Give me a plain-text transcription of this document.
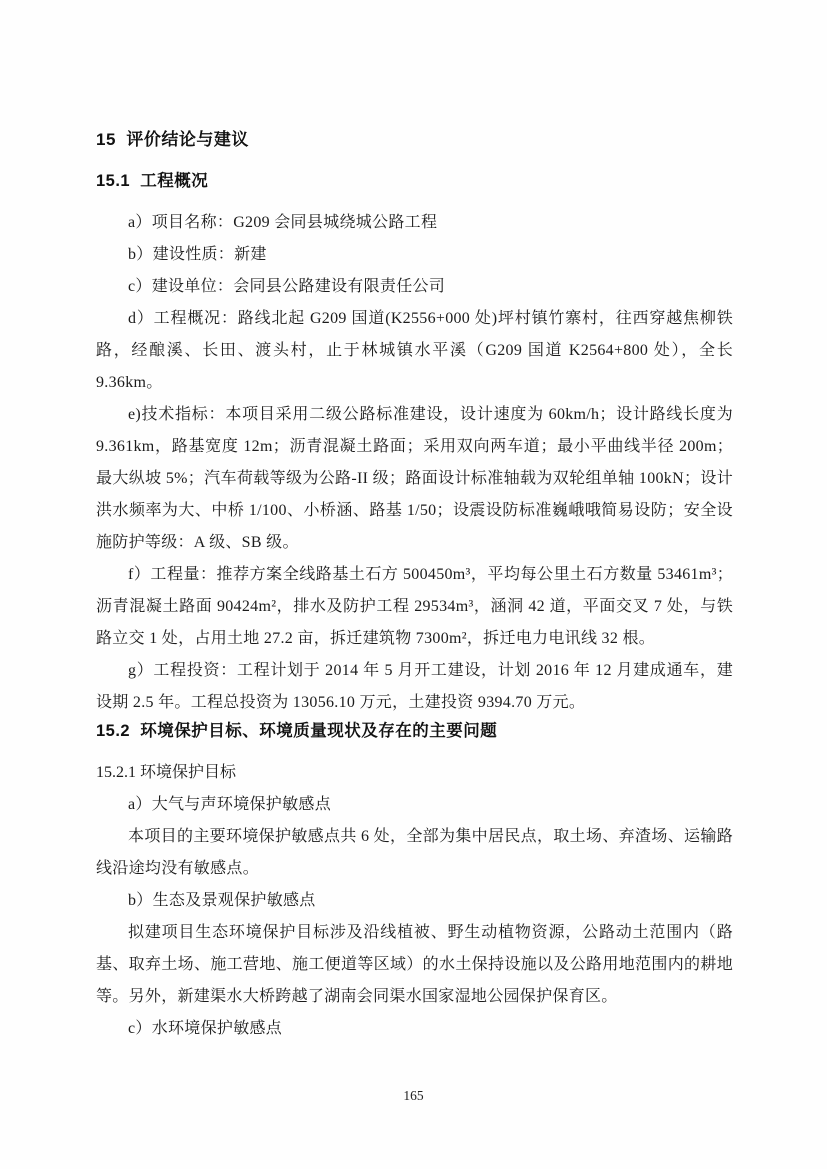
15  评价结论与建议
15.1  工程概况

a）项目名称：G209 会同县城绕城公路工程

b）建设性质：新建

c）建设单位：会同县公路建设有限责任公司

d）工程概况：路线北起 G209 国道(K2556+000 处)坪村镇竹寨村，往西穿越焦柳铁路，经酿溪、长田、渡头村，止于林城镇水平溪（G209 国道 K2564+800 处），全长 9.36km。

e)技术指标：本项目采用二级公路标准建设，设计速度为 60km/h；设计路线长度为 9.361km，路基宽度 12m；沥青混凝土路面；采用双向两车道；最小平曲线半径 200m；最大纵坡 5%；汽车荷载等级为公路-II 级；路面设计标准轴载为双轮组单轴 100kN；设计洪水频率为大、中桥 1/100、小桥涵、路基 1/50；设震设防标准巍峨哦简易设防；安全设施防护等级：A 级、SB 级。

f）工程量：推荐方案全线路基土石方 500450m³，平均每公里土石方数量 53461m³；沥青混凝土路面 90424m²，排水及防护工程 29534m³，涵洞 42 道，平面交叉 7 处，与铁路立交 1 处，占用土地 27.2 亩，拆迁建筑物 7300m²，拆迁电力电讯线 32 根。

g）工程投资：工程计划于 2014 年 5 月开工建设，计划 2016 年 12 月建成通车，建设期 2.5 年。工程总投资为 13056.10 万元，土建投资 9394.70 万元。

15.2  环境保护目标、环境质量现状及存在的主要问题
15.2.1 环境保护目标

a）大气与声环境保护敏感点

本项目的主要环境保护敏感点共 6 处，全部为集中居民点，取土场、弃渣场、运输路线沿途均没有敏感点。

b）生态及景观保护敏感点

拟建项目生态环境保护目标涉及沿线植被、野生动植物资源，公路动土范围内（路基、取弃土场、施工营地、施工便道等区域）的水土保持设施以及公路用地范围内的耕地等。另外，新建渠水大桥跨越了湖南会同渠水国家湿地公园保护保育区。

c）水环境保护敏感点

165
